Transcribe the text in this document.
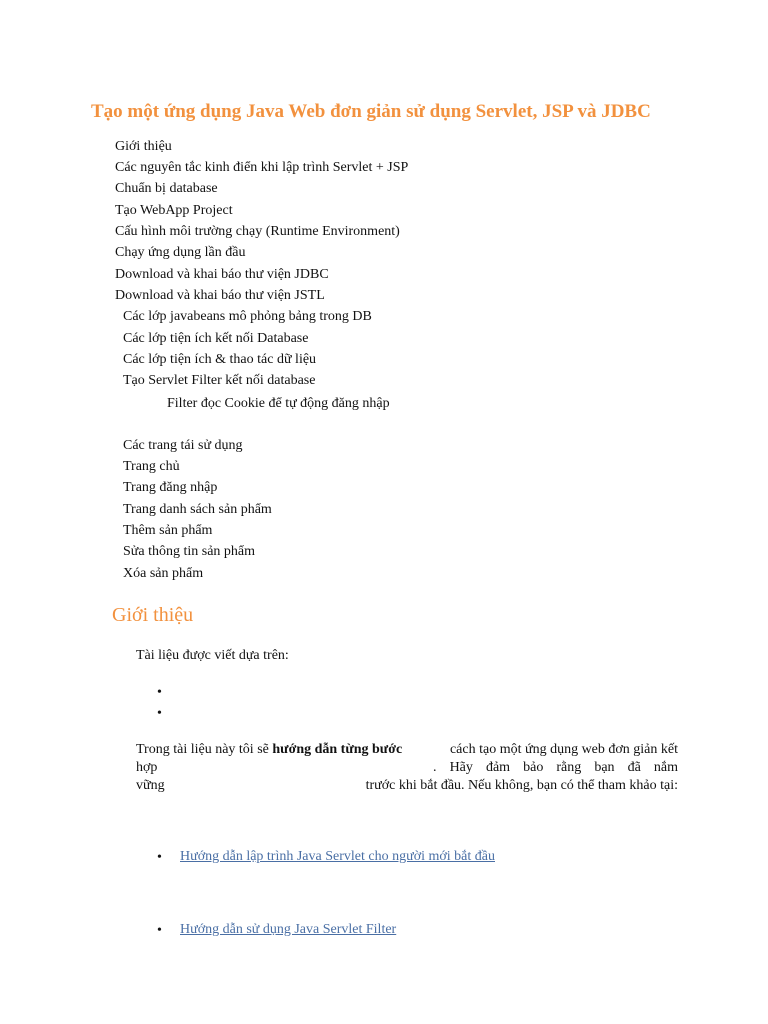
Tạo một ứng dụng Java Web đơn giản sử dụng Servlet, JSP và JDBC
Giới thiệu
Các nguyên tắc kinh điển khi lập trình Servlet + JSP
Chuẩn bị database
Tạo WebApp Project
Cấu hình môi trường chạy (Runtime Environment)
Chạy ứng dụng lần đầu
Download và khai báo thư viện JDBC
Download và khai báo thư viện JSTL
Các lớp javabeans mô phỏng bảng trong DB
Các lớp tiện ích kết nối Database
Các lớp tiện ích & thao tác dữ liệu
Tạo Servlet Filter kết nối database
Filter đọc Cookie để tự động đăng nhập
Các trang tái sử dụng
Trang chủ
Trang đăng nhập
Trang danh sách sản phẩm
Thêm sản phẩm
Sửa thông tin sản phẩm
Xóa sản phẩm
Giới thiệu
Tài liệu được viết dựa trên:
•
•
Trong tài liệu này tôi sẽ hướng dẫn từng bước	cách tạo một ứng dụng web đơn giản kết
hợp	. Hãy đảm bảo rằng bạn đã nắm
vững	trước khi bắt đầu. Nếu không, bạn có thể tham khảo tại:
• Hướng dẫn lập trình Java Servlet cho người mới bắt đầu
• Hướng dẫn sử dụng Java Servlet Filter
